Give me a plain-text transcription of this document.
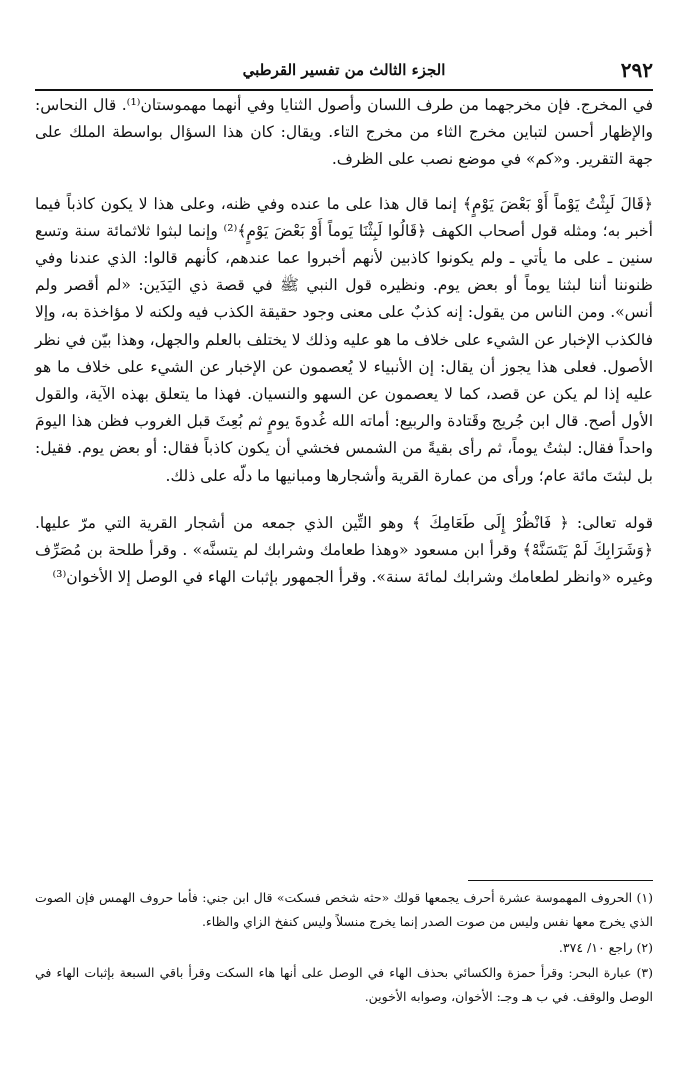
٢٩٢
الجزء الثالث من تفسير القرطبي

في المخرج. فإن مخرجهما من طرف اللسان وأصول الثنايا وفي أنهما مهموستان⁽¹⁾. قال النحاس: والإظهار أحسن لتباين مخرج الثاء من مخرج التاء. ويقال: كان هذا السؤال بواسطة الملك على جهة التقرير. و«كم» في موضع نصب على الظرف.

﴿قَالَ لَبِثْتُ يَوْماً أَوْ بَعْضَ يَوْمٍ﴾ إنما قال هذا على ما عنده وفي ظنه، وعلى هذا لا يكون كاذباً فيما أخبر به؛ ومثله قول أصحاب الكهف ﴿قَالُوا لَبِثْنَا يَوماً أَوْ بَعْضَ يَوْمٍ﴾⁽²⁾ وإنما لبثوا ثلاثمائة سنة وتسع سنين ـ على ما يأتي ـ ولم يكونوا كاذبين لأنهم أخبروا عما عندهم، كأنهم قالوا: الذي عندنا وفي ظنوننا أننا لبثنا يوماً أو بعض يوم. ونظيره قول النبي ﷺ في قصة ذي اليَدَين: «لم أقصر ولم أنس». ومن الناس من يقول: إنه كذبٌ على معنى وجود حقيقة الكذب فيه ولكنه لا مؤاخذة به، وإلا فالكذب الإخبار عن الشيء على خلاف ما هو عليه وذلك لا يختلف بالعلم والجهل، وهذا بيّن في نظر الأصول. فعلى هذا يجوز أن يقال: إن الأنبياء لا يُعصمون عن الإخبار عن الشيء على خلاف ما هو عليه إذا لم يكن عن قصد، كما لا يعصمون عن السهو والنسيان. فهذا ما يتعلق بهذه الآية، والقول الأول أصح. قال ابن جُريج وقَتادة والربيع: أماته الله غُدوةَ يومٍ ثم بُعِثَ قبل الغروب فظن هذا اليومَ واحداً فقال: لبثتُ يوماً، ثم رأى بقيةً من الشمس فخشي أن يكون كاذباً فقال: أو بعض يوم. فقيل: بل لبثتَ مائة عام؛ ورأى من عمارة القرية وأشجارها ومبانيها ما دلّه على ذلك.

قوله تعالى: ﴿ فَانْظُرْ إِلَى طَعَامِكَ ﴾ وهو التِّين الذي جمعه من أشجار القرية التي مرّ عليها. ﴿وَشَرَابِكَ لَمْ يَتَسَنَّهْ﴾ وقرأ ابن مسعود «وهذا طعامك وشرابك لم يتسنَّه» . وقرأ طلحة بن مُصَرِّف وغيره «وانظر لطعامك وشرابك لمائة سنة». وقرأ الجمهور بإثبات الهاء في الوصل إلا الأخوان⁽³⁾

(١) الحروف المهموسة عشرة أحرف يجمعها قولك «حثه شخص فسكت» قال ابن جني: فأما حروف الهمس فإن الصوت الذي يخرج معها نفس وليس من صوت الصدر إنما يخرج منسلاً وليس كنفخ الزاي والظاء.

(٢) راجع ١٠/ ٣٧٤.

(٣) عبارة البحر: وقرأ حمزة والكسائي بحذف الهاء في الوصل على أنها هاء السكت وقرأ باقي السبعة بإثبات الهاء في الوصل والوقف. في ب هـ وجـ: الأخوان، وصوابه الأخوين.
